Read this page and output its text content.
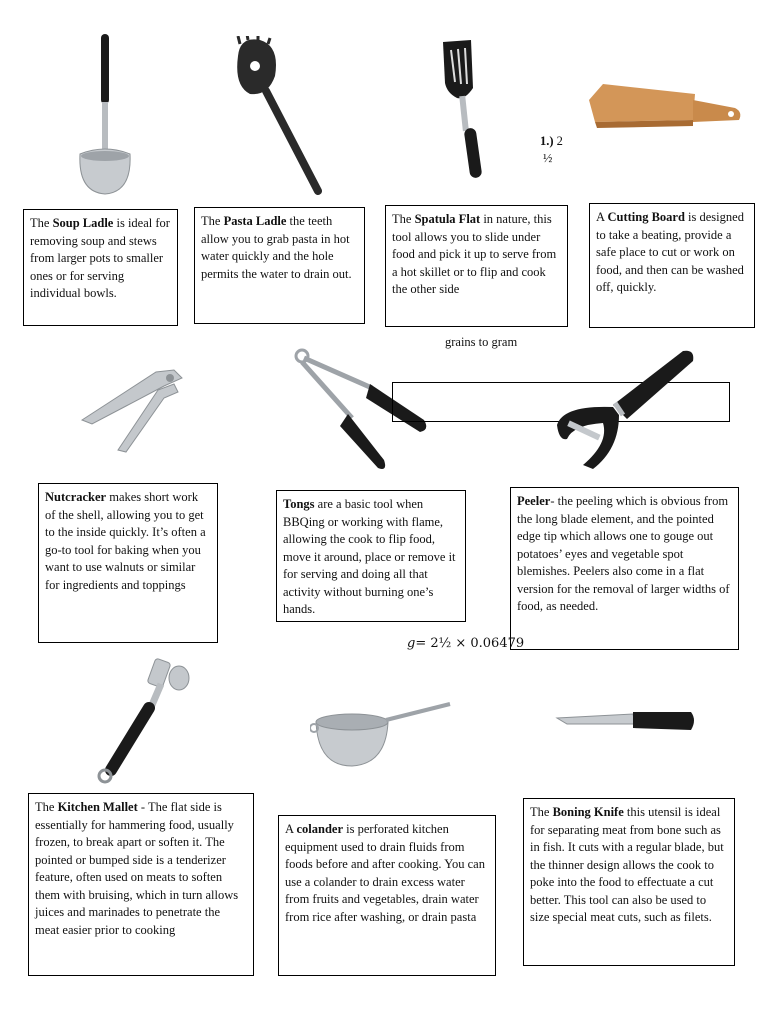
1.) 2
½
The Soup Ladle is ideal for removing soup and stews from larger pots to smaller ones or for serving individual bowls.
The Pasta Ladle the teeth allow you to grab pasta in hot water quickly and the hole permits the water to drain out.
The Spatula Flat in nature, this tool allows you to slide under food and pick it up to serve from a hot skillet or to flip and cook the other side
A Cutting Board is designed to take a beating, provide a safe place to cut or work on food, and then can be washed off, quickly.
grains to gram
Nutcracker makes short work of the shell, allowing you to get to the inside quickly. It’s often a go-to tool for baking when you want to use walnuts or similar for ingredients and toppings
Tongs are a basic tool when BBQing or working with flame, allowing the cook to flip food, move it around, place or remove it for serving and doing all that activity without burning one’s hands.
Peeler- the peeling which is obvious from the long blade element, and the pointed edge tip which allows one to gouge out potatoes’ eyes and vegetable spot blemishes. Peelers also come in a flat version for the removal of larger widths of food, as needed.
g= 2½ × 0.06479
The Kitchen Mallet - The flat side is essentially for hammering food, usually frozen, to break apart or soften it. The pointed or bumped side is a tenderizer feature, often used on meats to soften them with bruising, which in turn allows juices and marinades to penetrate the meat easier prior to cooking
A colander is perforated kitchen equipment used to drain fluids from foods before and after cooking. You can use a colander to drain excess water from fruits and vegetables, drain water from rice after washing, or drain pasta
The Boning Knife this utensil is ideal for separating meat from bone such as in fish. It cuts with a regular blade, but the thinner design allows the cook to poke into the food to effectuate a cut better. This tool can also be used to size special meat cuts, such as filets.
